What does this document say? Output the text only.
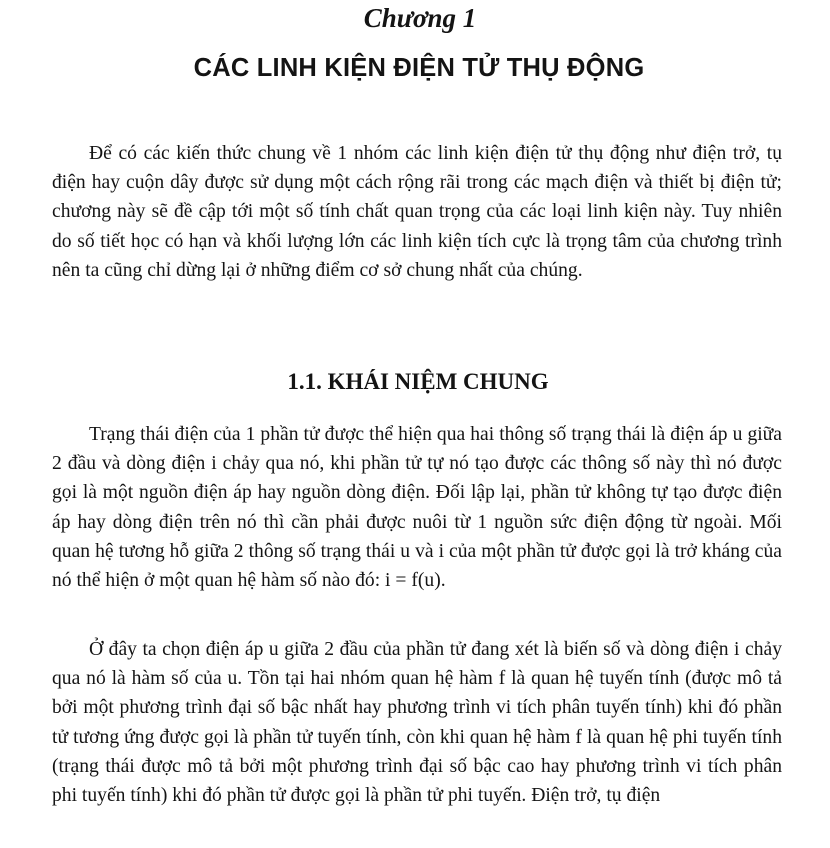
Chương 1
CÁC LINH KIỆN ĐIỆN TỬ THỤ ĐỘNG

Để có các kiến thức chung về 1 nhóm các linh kiện điện tử thụ động như điện trở, tụ điện hay cuộn dây được sử dụng một cách rộng rãi trong các mạch điện và thiết bị điện tử; chương này sẽ đề cập tới một số tính chất quan trọng của các loại linh kiện này. Tuy nhiên do số tiết học có hạn và khối lượng lớn các linh kiện tích cực là trọng tâm của chương trình nên ta cũng chỉ dừng lại ở những điểm cơ sở chung nhất của chúng.

1.1. KHÁI NIỆM CHUNG

Trạng thái điện của 1 phần tử được thể hiện qua hai thông số trạng thái là điện áp u giữa 2 đầu và dòng điện i chảy qua nó, khi phần tử tự nó tạo được các thông số này thì nó được gọi là một nguồn điện áp hay nguồn dòng điện. Đối lập lại, phần tử không tự tạo được điện áp hay dòng điện trên nó thì cần phải được nuôi từ 1 nguồn sức điện động từ ngoài. Mối quan hệ tương hỗ giữa 2 thông số trạng thái u và i của một phần tử được gọi là trở kháng của nó thể hiện ở một quan hệ hàm số nào đó: i = f(u).

Ở đây ta chọn điện áp u giữa 2 đầu của phần tử đang xét là biến số và dòng điện i chảy qua nó là hàm số của u. Tồn tại hai nhóm quan hệ hàm f là quan hệ tuyến tính (được mô tả bởi một phương trình đại số bậc nhất hay phương trình vi tích phân tuyến tính) khi đó phần tử tương ứng được gọi là phần tử tuyến tính, còn khi quan hệ hàm f là quan hệ phi tuyến tính (trạng thái được mô tả bởi một phương trình đại số bậc cao hay phương trình vi tích phân phi tuyến tính) khi đó phần tử được gọi là phần tử phi tuyến. Điện trở, tụ điện
